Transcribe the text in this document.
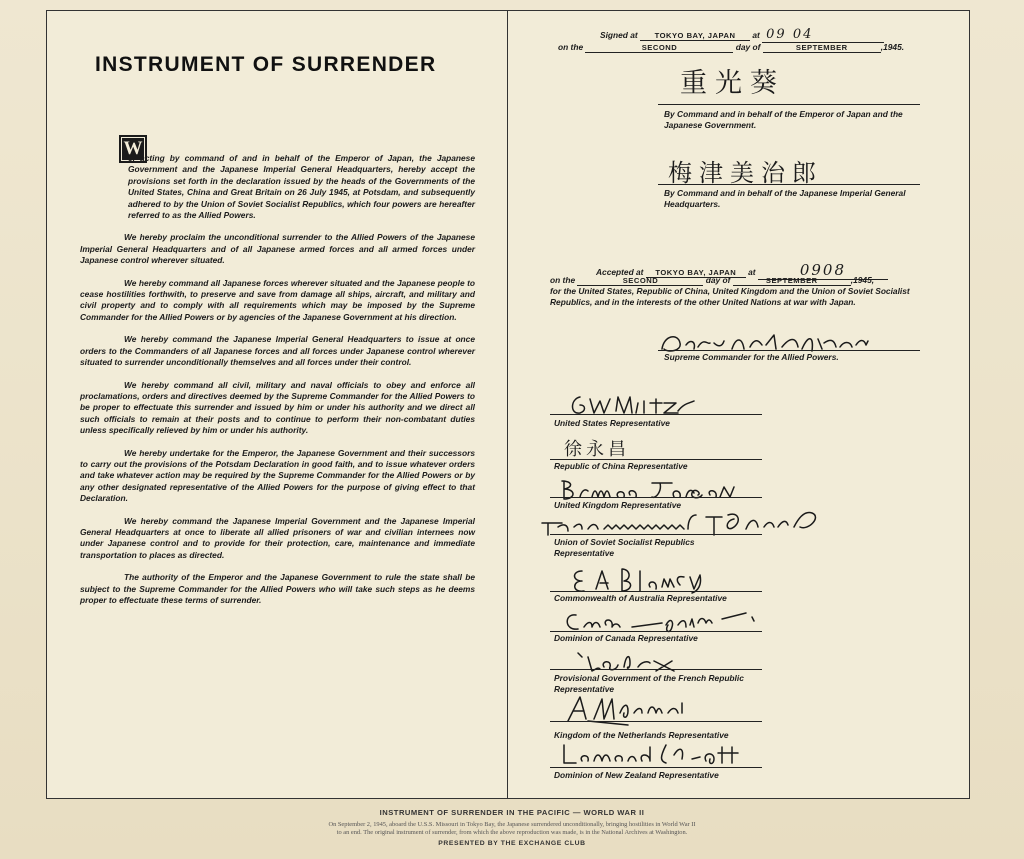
INSTRUMENT OF SURRENDER
W

e, acting by command of and in behalf of the Emperor of Japan, the Japanese Government and the Japanese Imperial General Headquarters, hereby accept the provisions set forth in the declaration issued by the heads of the Governments of the United States, China and Great Britain on 26 July 1945, at Potsdam, and subsequently adhered to by the Union of Soviet Socialist Republics, which four powers are hereafter referred to as the Allied Powers.

We hereby proclaim the unconditional surrender to the Allied Powers of the Japanese Imperial General Headquarters and of all Japanese armed forces and all armed forces under Japanese control wherever situated.

We hereby command all Japanese forces wherever situated and the Japanese people to cease hostilities forthwith, to preserve and save from damage all ships, aircraft, and military and civil property and to comply with all requirements which may be imposed by the Supreme Commander for the Allied Powers or by agencies of the Japanese Government at his direction.

We hereby command the Japanese Imperial General Headquarters to issue at once orders to the Commanders of all Japanese forces and all forces under Japanese control wherever situated to surrender unconditionally themselves and all forces under their control.

We hereby command all civil, military and naval officials to obey and enforce all proclamations, orders and directives deemed by the Supreme Commander for the Allied Powers to be proper to effectuate this surrender and issued by him or under his authority and we direct all such officials to remain at their posts and to continue to perform their non-combatant duties unless specifically relieved by him or under his authority.

We hereby undertake for the Emperor, the Japanese Government and their successors to carry out the provisions of the Potsdam Declaration in good faith, and to issue whatever orders and take whatever action may be required by the Supreme Commander for the Allied Powers or by any other designated representative of the Allied Powers for the purpose of giving effect to that Declaration.

We hereby command the Japanese Imperial Government and the Japanese Imperial General Headquarters at once to liberate all allied prisoners of war and civilian internees now under Japanese control and to provide for their protection, care, maintenance and immediate transportation to places as directed.

The authority of the Emperor and the Japanese Government to rule the state shall be subject to the Supreme Commander for the Allied Powers who will take such steps as he deems proper to effectuate these terms of surrender.

Signed at TOKYO BAY, JAPAN at 09 04
on the	SECOND	day of	SEPTEMBER	,1945.
重光葵
By Command and in behalf of the Emperor of Japan and the Japanese Government.
梅津美治郎
By Command and in behalf of the Japanese Imperial General Headquarters.
Accepted at TOKYO BAY, JAPAN at	0908
on the	SECOND	day of	SEPTEMBER	,1945,
for the United States, Republic of China, United Kingdom and the Union of Soviet Socialist Republics, and in the interests of the other United Nations at war with Japan.
Supreme Commander for the Allied Powers.
United States Representative
徐永昌
Republic of China Representative
United Kingdom Representative
Union of Soviet Socialist Republics Representative
Commonwealth of Australia Representative
Dominion of Canada Representative
Provisional Government of the French Republic Representative
Kingdom of the Netherlands Representative
Dominion of New Zealand Representative
INSTRUMENT OF SURRENDER IN THE PACIFIC — WORLD WAR II
On September 2, 1945, aboard the U.S.S. Missouri in Tokyo Bay, the Japanese surrendered unconditionally, bringing hostilities in World War II
to an end. The original instrument of surrender, from which the above reproduction was made, is in the National Archives at Washington.
PRESENTED BY THE EXCHANGE CLUB
